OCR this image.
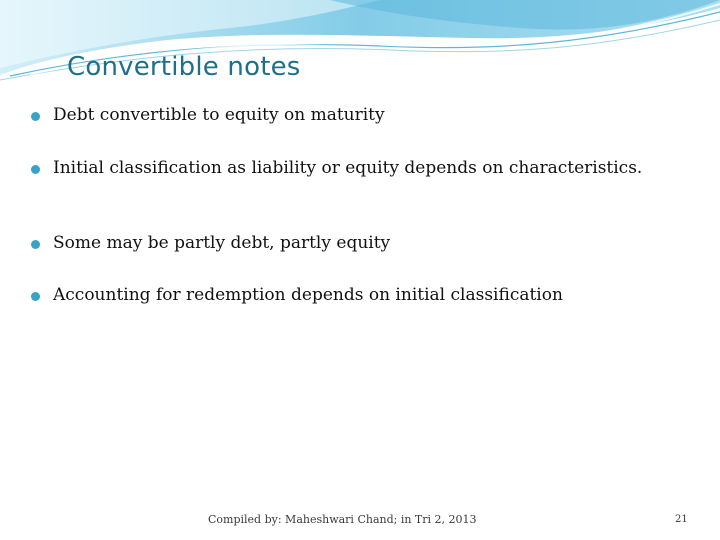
Convertible notes
Debt convertible to equity on maturity
Initial classification as liability or equity depends on characteristics.
Some may be partly debt, partly equity
Accounting for redemption depends on initial classification
Compiled by: Maheshwari Chand; in Tri 2, 2013	21
